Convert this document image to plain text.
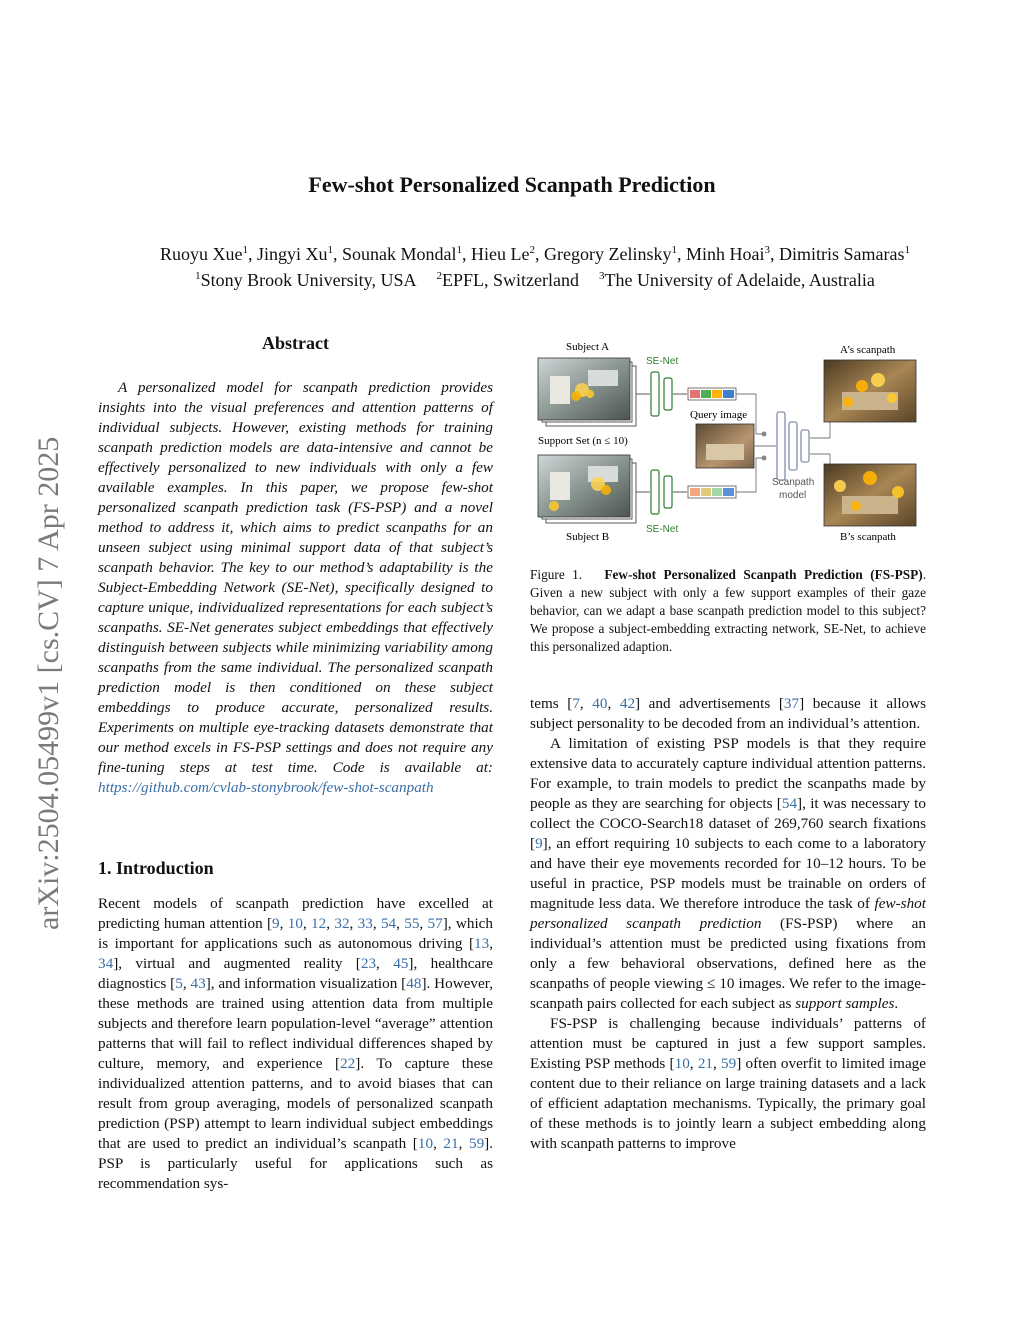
arXiv:2504.05499v1 [cs.CV] 7 Apr 2025
Few-shot Personalized Scanpath Prediction
Ruoyu Xue$^1$, Jingyi Xu$^1$, Sounak Mondal$^1$, Hieu Le$^2$, Gregory Zelinsky$^1$, Minh Hoai$^3$, Dimitris Samaras$^1$
$^1$Stony Brook University, USA $^2$EPFL, Switzerland $^3$The University of Adelaide, Australia
Abstract

A personalized model for scanpath prediction provides insights into the visual preferences and attention patterns of individual subjects. However, existing methods for training scanpath prediction models are data-intensive and cannot be effectively personalized to new individuals with only a few available examples. In this paper, we propose few-shot personalized scanpath prediction task (FS-PSP) and a novel method to address it, which aims to predict scanpaths for an unseen subject using minimal support data of that subject’s scanpath behavior. The key to our method’s adaptability is the Subject-Embedding Network (SE-Net), specifically designed to capture unique, individualized representations for each subject’s scanpaths. SE-Net generates subject embeddings that effectively distinguish between subjects while minimizing variability among scanpaths from the same individual. The personalized scanpath prediction model is then conditioned on these subject embeddings to produce accurate, personalized results. Experiments on multiple eye-tracking datasets demonstrate that our method excels in FS-PSP settings and does not require any fine-tuning steps at test time. Code is available at: https://github.com/cvlab-stonybrook/few-shot-scanpath

1. Introduction

Recent models of scanpath prediction have excelled at predicting human attention [9, 10, 12, 32, 33, 54, 55, 57], which is important for applications such as autonomous driving [13, 34], virtual and augmented reality [23, 45], healthcare diagnostics [5, 43], and information visualization [48]. However, these methods are trained using attention data from multiple subjects and therefore learn population-level “average” attention patterns that will fail to reflect individual differences shaped by culture, memory, and experience [22]. To capture these individualized attention patterns, and to avoid biases that can result from group averaging, models of personalized scanpath prediction (PSP) attempt to learn individual subject embeddings that are used to predict an individual’s scanpath [10, 21, 59]. PSP is particularly useful for applications such as recommendation sys-

Subject A
SE-Net
Support Set (n ≤ 10)
Subject B
SE-Net
Query image
Scanpath
model
A’s scanpath
B’s scanpath
Figure 1. Few-shot Personalized Scanpath Prediction (FS-PSP). Given a new subject with only a few support examples of their gaze behavior, can we adapt a base scanpath prediction model to this subject? We propose a subject-embedding extracting network, SE-Net, to achieve this personalized adaption.

tems [7, 40, 42] and advertisements [37] because it allows subject personality to be decoded from an individual’s attention.

A limitation of existing PSP models is that they require extensive data to accurately capture individual attention patterns. For example, to train models to predict the scanpaths made by people as they are searching for objects [54], it was necessary to collect the COCO-Search18 dataset of 269,760 search fixations [9], an effort requiring 10 subjects to each come to a laboratory and have their eye movements recorded for 10–12 hours. To be useful in practice, PSP models must be trainable on orders of magnitude less data. We therefore introduce the task of few-shot personalized scanpath prediction (FS-PSP) where an individual’s attention must be predicted using fixations from only a few behavioral observations, defined here as the scanpaths of people viewing ≤ 10 images. We refer to the image-scanpath pairs collected for each subject as support samples.

FS-PSP is challenging because individuals’ patterns of attention must be captured in just a few support samples. Existing PSP methods [10, 21, 59] often overfit to limited image content due to their reliance on large training datasets and a lack of efficient adaptation mechanisms. Typically, the primary goal of these methods is to jointly learn a subject embedding along with scanpath patterns to improve
